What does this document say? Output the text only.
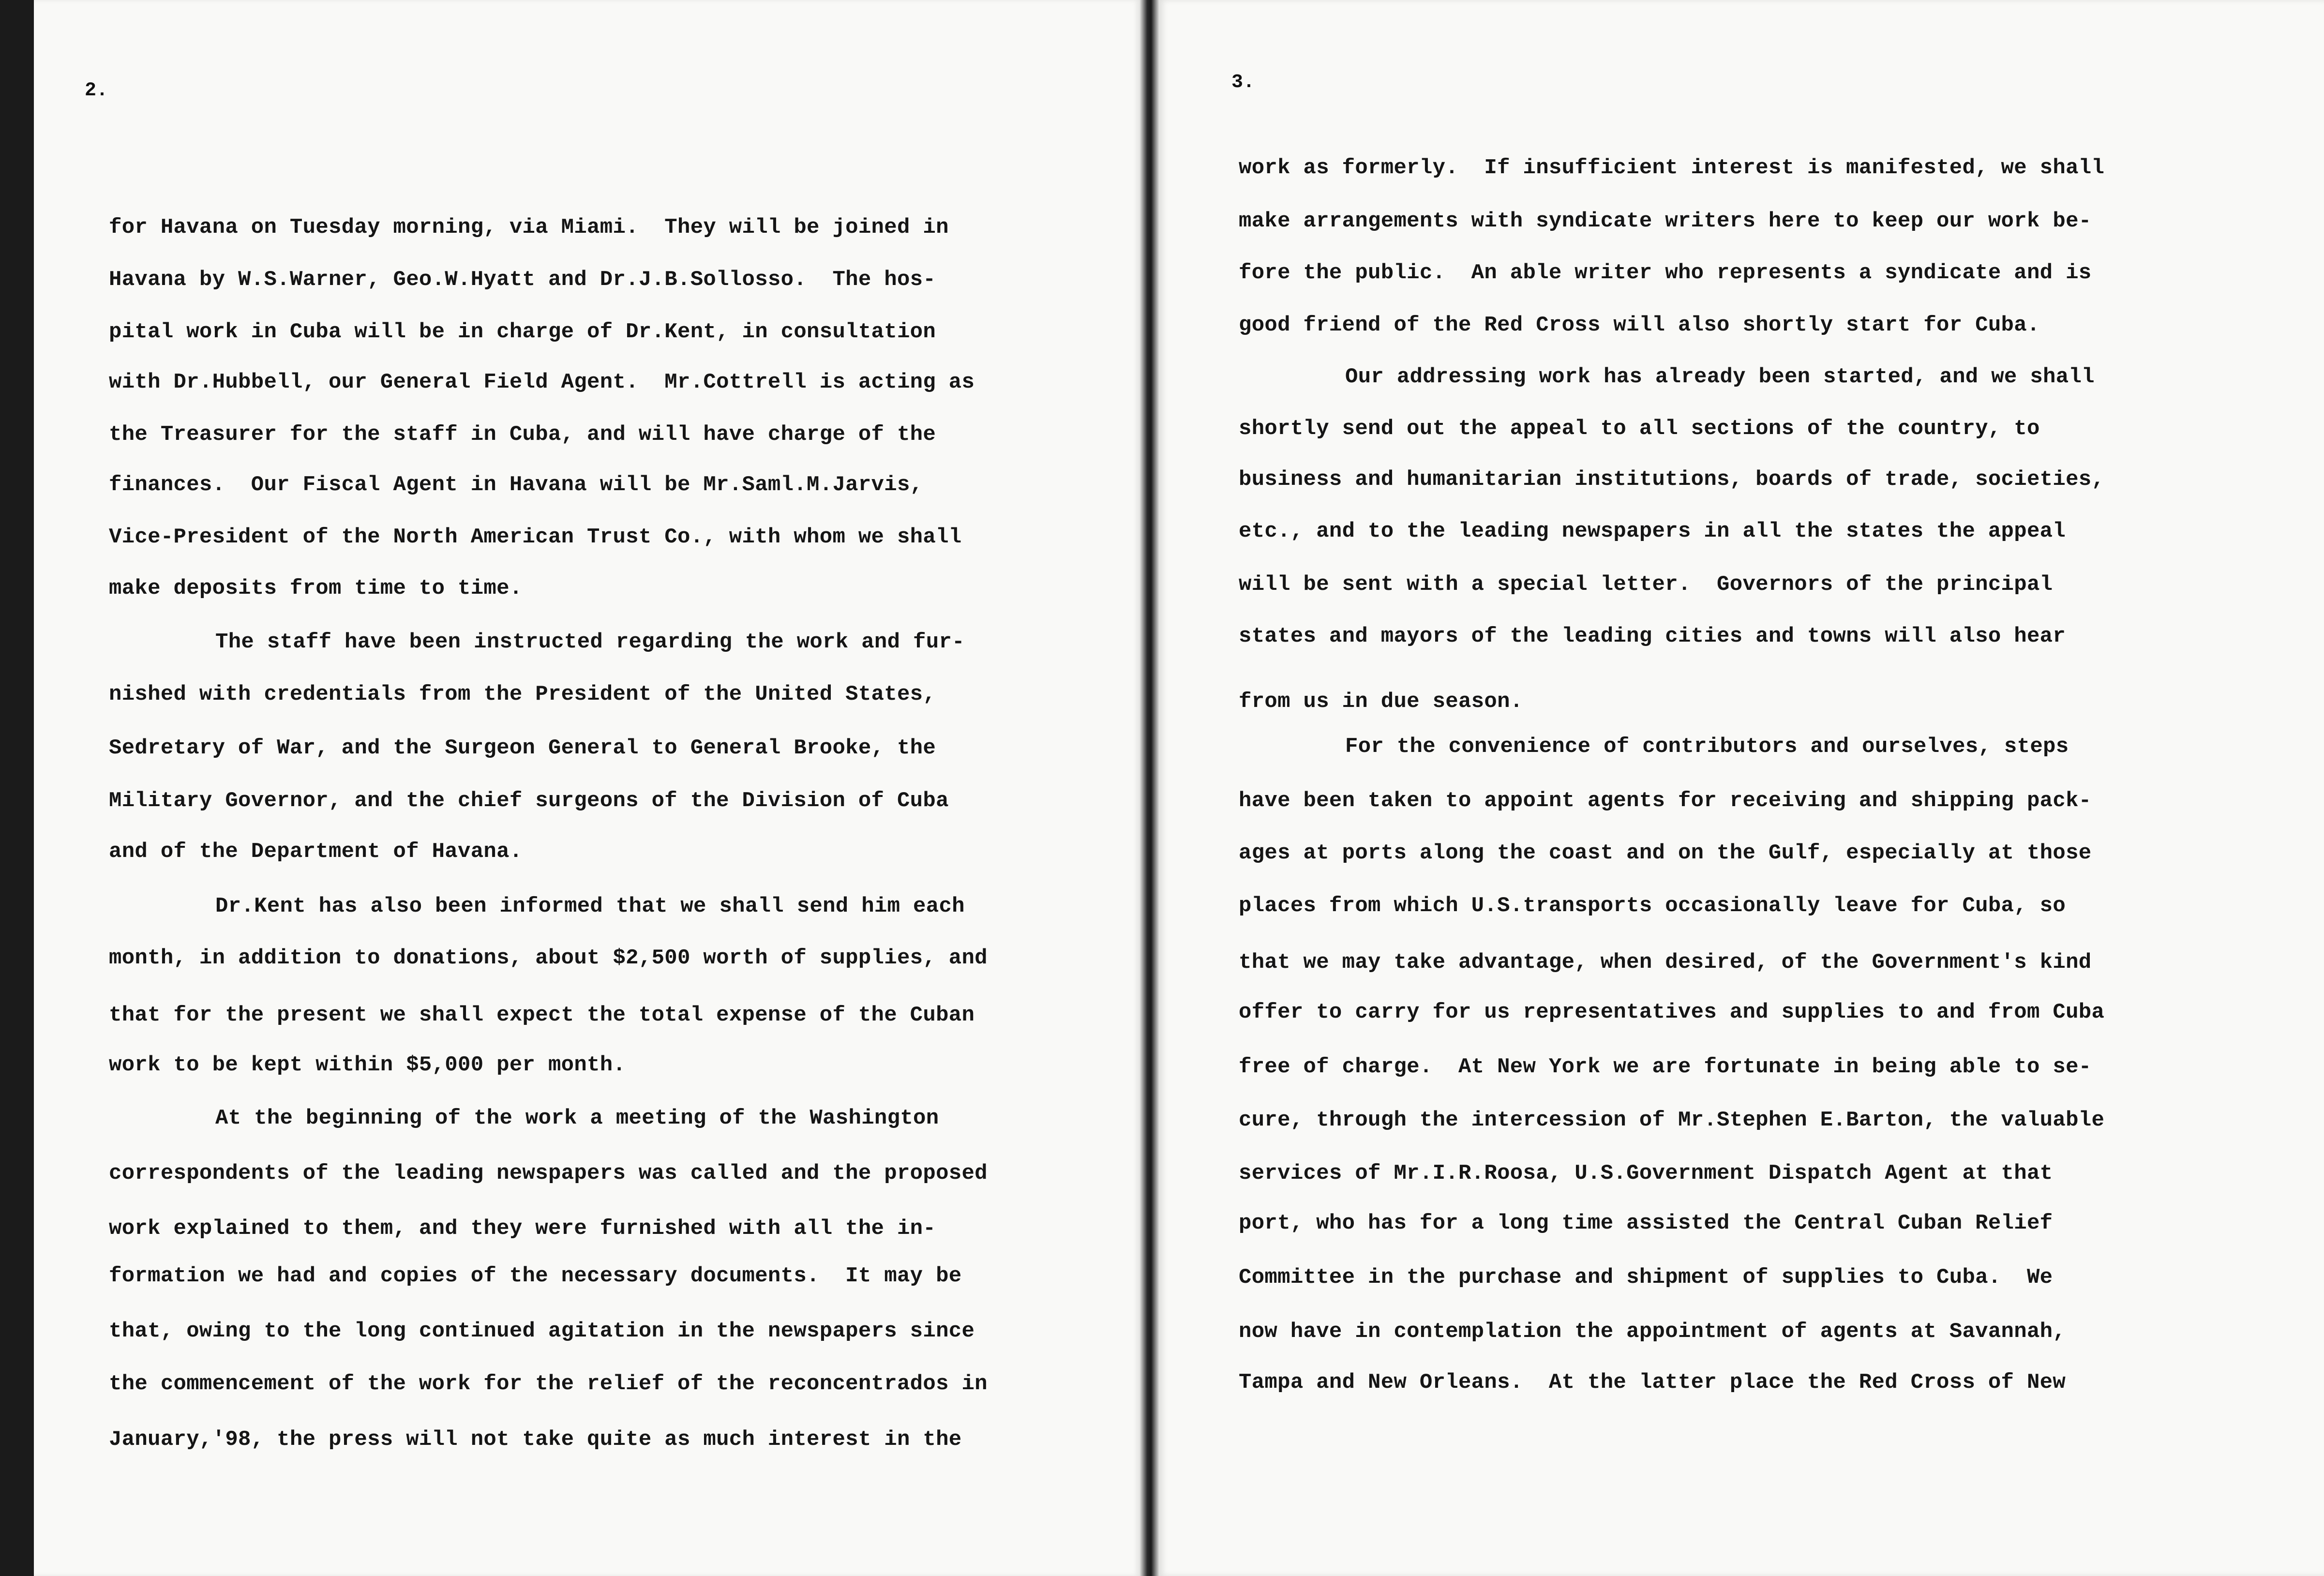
2.	3.
for Havana on Tuesday morning, via Miami.  They will be joined in
Havana by W.S.Warner, Geo.W.Hyatt and Dr.J.B.Sollosso.  The hos-
pital work in Cuba will be in charge of Dr.Kent, in consultation
with Dr.Hubbell, our General Field Agent.  Mr.Cottrell is acting as
the Treasurer for the staff in Cuba, and will have charge of the
finances.  Our Fiscal Agent in Havana will be Mr.Saml.M.Jarvis,
Vice-President of the North American Trust Co., with whom we shall
make deposits from time to time.
The staff have been instructed regarding the work and fur-
nished with credentials from the President of the United States,
Sedretary of War, and the Surgeon General to General Brooke, the
Military Governor, and the chief surgeons of the Division of Cuba
and of the Department of Havana.
Dr.Kent has also been informed that we shall send him each
month, in addition to donations, about $2,500 worth of supplies, and
that for the present we shall expect the total expense of the Cuban
work to be kept within $5,000 per month.
At the beginning of the work a meeting of the Washington
correspondents of the leading newspapers was called and the proposed
work explained to them, and they were furnished with all the in-
formation we had and copies of the necessary documents.  It may be
that, owing to the long continued agitation in the newspapers since
the commencement of the work for the relief of the reconcentrados in
January,'98, the press will not take quite as much interest in the
work as formerly.  If insufficient interest is manifested, we shall
make arrangements with syndicate writers here to keep our work be-
fore the public.  An able writer who represents a syndicate and is
good friend of the Red Cross will also shortly start for Cuba.
Our addressing work has already been started, and we shall
shortly send out the appeal to all sections of the country, to
business and humanitarian institutions, boards of trade, societies,
etc., and to the leading newspapers in all the states the appeal
will be sent with a special letter.  Governors of the principal
states and mayors of the leading cities and towns will also hear
from us in due season.
For the convenience of contributors and ourselves, steps
have been taken to appoint agents for receiving and shipping pack-
ages at ports along the coast and on the Gulf, especially at those
places from which U.S.transports occasionally leave for Cuba, so
that we may take advantage, when desired, of the Government's kind
offer to carry for us representatives and supplies to and from Cuba
free of charge.  At New York we are fortunate in being able to se-
cure, through the intercession of Mr.Stephen E.Barton, the valuable
services of Mr.I.R.Roosa, U.S.Government Dispatch Agent at that
port, who has for a long time assisted the Central Cuban Relief
Committee in the purchase and shipment of supplies to Cuba.  We
now have in contemplation the appointment of agents at Savannah,
Tampa and New Orleans.  At the latter place the Red Cross of New
